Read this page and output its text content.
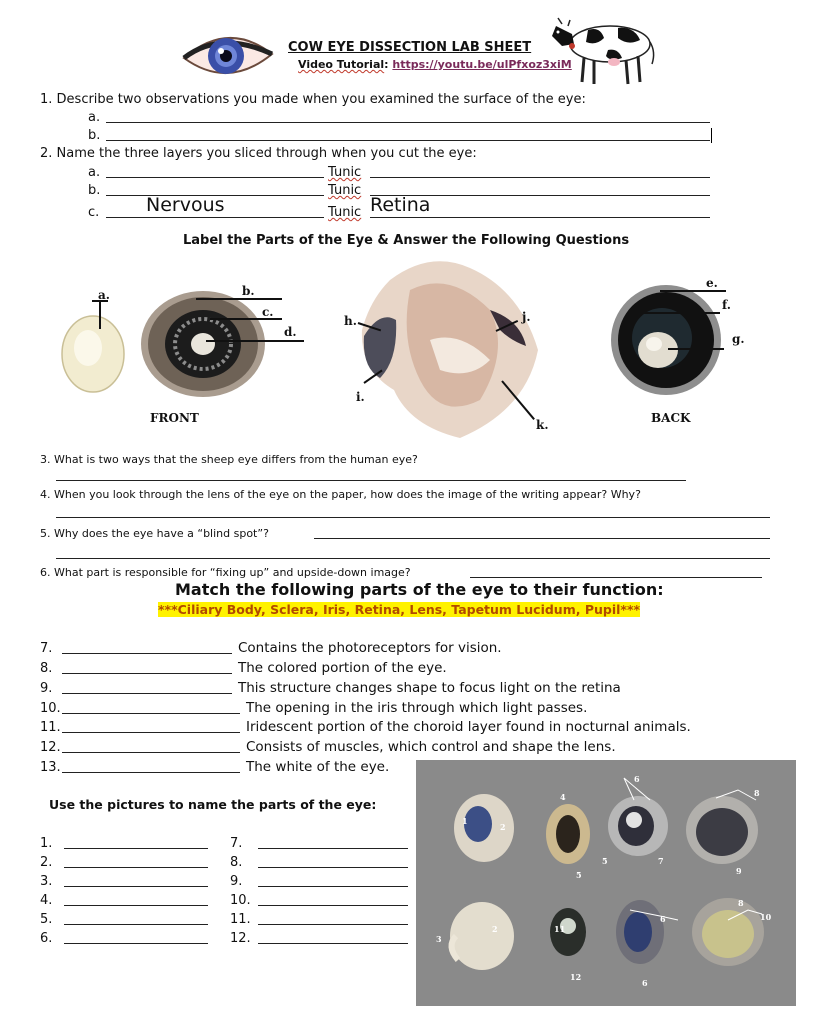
COW EYE DISSECTION LAB SHEET
Video Tutorial: https://youtu.be/ulPfxoz3xiM
1. Describe two observations you made when you examined the surface of the eye:
a.
b.
2. Name the three layers you sliced through when you cut the eye:
a.	Tunic
b.	Tunic
c. Nervous	Tunic Retina
Label the Parts of the Eye & Answer the Following Questions
a.	b.
c.
d.
h.
i.
j.
k.
e.
f.
g.
FRONT	BACK
3. What is two ways that the sheep eye differs from the human eye?
4. When you look through the lens of the eye on the paper, how does the image of the writing appear? Why?
5. Why does the eye have a “blind spot”?
6. What part is responsible for “fixing up” and upside-down image?
Match the following parts of the eye to their function:
***Ciliary Body, Sclera, Iris, Retina, Lens, Tapetum Lucidum, Pupil***
7.	Contains the photoreceptors for vision.
8.	The colored portion of the eye.
9.	This structure changes shape to focus light on the retina
10.	The opening in the iris through which light passes.
11.	Iridescent portion of the choroid layer found in nocturnal animals.
12.	Consists of muscles, which control and shape the lens.
13.	The white of the eye.
Use the pictures to name the parts of the eye:
1.	7.
2.	8.
3.	9.
4.	10.
5.	11.
6.	12.
1
2
3
4
5
5
6
7
8
9
2	11
12
6
8
10
6
